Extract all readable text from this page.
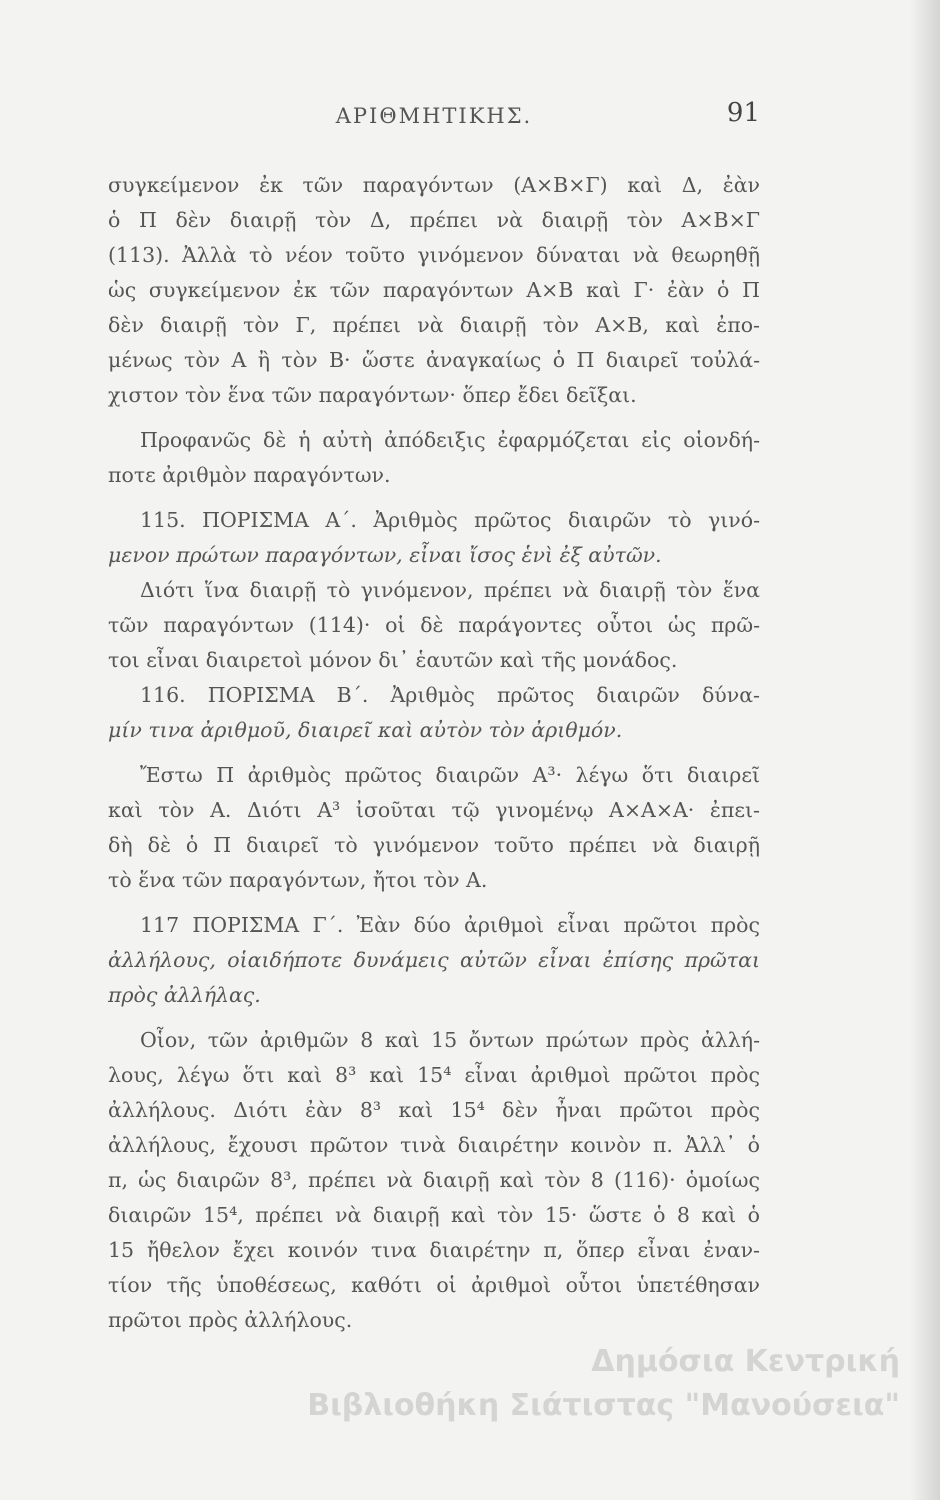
ΑΡΙΘΜΗΤΙΚΗΣ.	91
συγκείμενον ἐκ τῶν παραγόντων (Α×Β×Γ) καὶ Δ, ἐὰν
ὁ Π δὲν διαιρῇ τὸν Δ, πρέπει νὰ διαιρῇ τὸν Α×Β×Γ
(113). Ἀλλὰ τὸ νέον τοῦτο γινόμενον δύναται νὰ θεωρηθῇ
ὡς συγκείμενον ἐκ τῶν παραγόντων Α×Β καὶ Γ· ἐὰν ὁ Π
δὲν διαιρῇ τὸν Γ, πρέπει νὰ διαιρῇ τὸν Α×Β, καὶ ἐπο-
μένως τὸν Α ἢ τὸν Β· ὥστε ἀναγκαίως ὁ Π διαιρεῖ τοὐλά-
χιστον τὸν ἕνα τῶν παραγόντων· ὅπερ ἔδει δεῖξαι.
Προφανῶς δὲ ἡ αὐτὴ ἀπόδειξις ἐφαρμόζεται εἰς οἱονδή-
ποτε ἀριθμὸν παραγόντων.
115. ΠΟΡΙΣΜΑ Α΄. Ἀριθμὸς πρῶτος διαιρῶν τὸ γινό-
μενον πρώτων παραγόντων, εἶναι ἴσος ἑνὶ ἐξ αὐτῶν.
Διότι ἵνα διαιρῇ τὸ γινόμενον, πρέπει νὰ διαιρῇ τὸν ἕνα
τῶν παραγόντων (114)· οἱ δὲ παράγοντες οὗτοι ὡς πρῶ-
τοι εἶναι διαιρετοὶ μόνον δι᾽ ἑαυτῶν καὶ τῆς μονάδος.
116. ΠΟΡΙΣΜΑ Β΄. Ἀριθμὸς πρῶτος διαιρῶν δύνα-
μίν τινα ἀριθμοῦ, διαιρεῖ καὶ αὐτὸν τὸν ἀριθμόν.
Ἔστω Π ἀριθμὸς πρῶτος διαιρῶν Α³· λέγω ὅτι διαιρεῖ
καὶ τὸν Α. Διότι Α³ ἰσοῦται τῷ γινομένῳ Α×Α×Α· ἐπει-
δὴ δὲ ὁ Π διαιρεῖ τὸ γινόμενον τοῦτο πρέπει νὰ διαιρῇ
τὸ ἕνα τῶν παραγόντων, ἤτοι τὸν Α.
117 ΠΟΡΙΣΜΑ Γ΄. Ἐὰν δύο ἀριθμοὶ εἶναι πρῶτοι πρὸς
ἀλλήλους, οἱαιδήποτε δυνάμεις αὐτῶν εἶναι ἐπίσης πρῶται
πρὸς ἀλλήλας.
Οἷον, τῶν ἀριθμῶν 8 καὶ 15 ὄντων πρώτων πρὸς ἀλλή-
λους, λέγω ὅτι καὶ 8³ καὶ 15⁴ εἶναι ἀριθμοὶ πρῶτοι πρὸς
ἀλλήλους. Διότι ἐὰν 8³ καὶ 15⁴ δὲν ἦναι πρῶτοι πρὸς
ἀλλήλους, ἔχουσι πρῶτον τινὰ διαιρέτην κοινὸν π. Ἀλλ᾽ ὁ
π, ὡς διαιρῶν 8³, πρέπει νὰ διαιρῇ καὶ τὸν 8 (116)· ὁμοίως
διαιρῶν 15⁴, πρέπει νὰ διαιρῇ καὶ τὸν 15· ὥστε ὁ 8 καὶ ὁ
15 ἤθελον ἔχει κοινόν τινα διαιρέτην π, ὅπερ εἶναι ἐναν-
τίον τῆς ὑποθέσεως, καθότι οἱ ἀριθμοὶ οὗτοι ὑπετέθησαν
πρῶτοι πρὸς ἀλλήλους.
Δημόσια Κεντρική
Βιβλιοθήκη Σιάτιστας "Μανούσεια"
